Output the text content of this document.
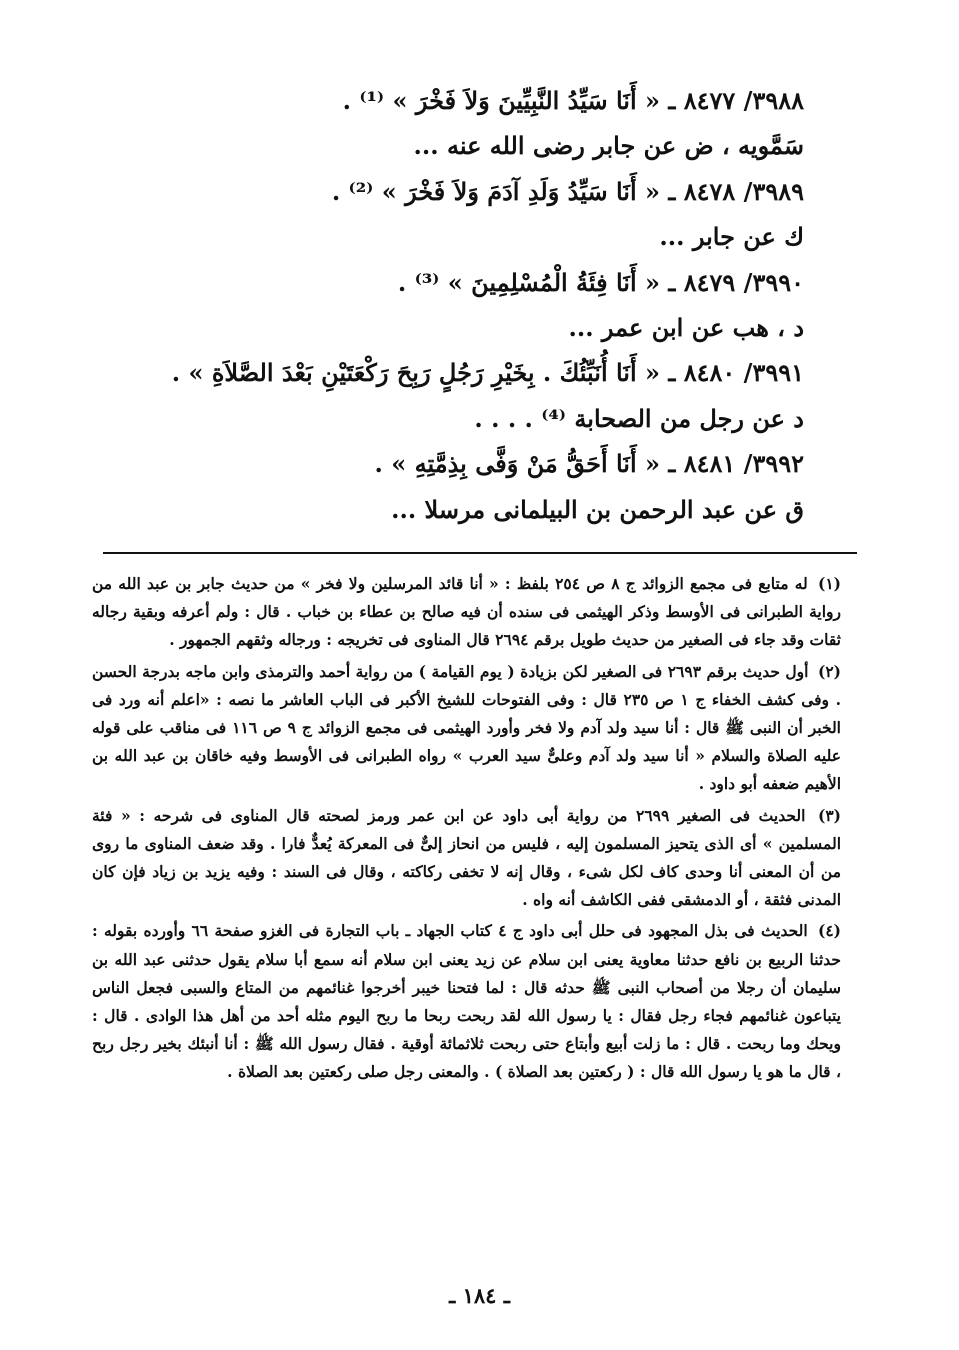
٣٩٨٨/ ٨٤٧٧ ـ « أَنَا سَيِّدُ النَّبِيِّينَ وَلاَ فَخْرَ » ⁽¹⁾ .
سَمَّويه ، ض عن جابر رضى الله عنه ...
٣٩٨٩/ ٨٤٧٨ ـ « أَنَا سَيِّدُ وَلَدِ آدَمَ وَلاَ فَخْرَ » ⁽²⁾ .
ك عن جابر ...
٣٩٩٠/ ٨٤٧٩ ـ « أَنَا فِئَةُ الْمُسْلِمِينَ » ⁽³⁾ .
د ، هب عن ابن عمر ...
٣٩٩١/ ٨٤٨٠ ـ « أَنَا أُنَبِّئُكَ . بِخَيْرِ رَجُلٍ رَبِحَ رَكْعَتَيْنِ بَعْدَ الصَّلاَةِ » .
د عن رجل من الصحابة ⁽⁴⁾ . . . .
٣٩٩٢/ ٨٤٨١ ـ « أَنَا أَحَقُّ مَنْ وَفَّى بِذِمَّتِهِ » .
ق عن عبد الرحمن بن البيلمانى مرسلا ...

(١) له متابع فى مجمع الزوائد ج ٨ ص ٢٥٤ بلفظ : « أنا قائد المرسلين ولا فخر » من حديث جابر بن عبد الله من رواية الطبرانى فى الأوسط وذكر الهيثمى فى سنده أن فيه صالح بن عطاء بن خباب . قال : ولم أعرفه وبقية رجاله ثقات وقد جاء فى الصغير من حديث طويل برقم ٢٦٩٤ قال المناوى فى تخريجه : ورجاله وثقهم الجمهور .

(٢) أول حديث برقم ٢٦٩٣ فى الصغير لكن بزيادة ( يوم القيامة ) من رواية أحمد والترمذى وابن ماجه بدرجة الحسن . وفى كشف الخفاء ج ١ ص ٢٣٥ قال : وفى الفتوحات للشيخ الأكبر فى الباب العاشر ما نصه : «اعلم أنه ورد فى الخبر أن النبى ﷺ قال : أنا سيد ولد آدم ولا فخر وأورد الهيثمى فى مجمع الزوائد ج ٩ ص ١١٦ فى مناقب على قوله عليه الصلاة والسلام « أنا سيد ولد آدم وعلىٌّ سيد العرب » رواه الطبرانى فى الأوسط وفيه خاقان بن عبد الله بن الأهيم ضعفه أبو داود .

(٣) الحديث فى الصغير ٢٦٩٩ من رواية أبى داود عن ابن عمر ورمز لصحته قال المناوى فى شرحه : « فئة المسلمين » أى الذى يتحيز المسلمون إليه ، فليس من انحاز إلىٌّ فى المعركة يُعدٌّ فارا . وقد ضعف المناوى ما روى من أن المعنى أنا وحدى كاف لكل شىء ، وقال إنه لا تخفى ركاكته ، وقال فى السند : وفيه يزيد بن زياد فإن كان المدنى فثقة ، أو الدمشقى ففى الكاشف أنه واه .

(٤) الحديث فى بذل المجهود فى حلل أبى داود ج ٤ كتاب الجهاد ـ باب التجارة فى الغزو صفحة ٦٦ وأورده بقوله : حدثنا الربيع بن نافع حدثنا معاوية يعنى ابن سلام عن زيد يعنى ابن سلام أنه سمع أبا سلام يقول حدثنى عبد الله بن سليمان أن رجلا من أصحاب النبى ﷺ حدثه قال : لما فتحنا خيبر أخرجوا غنائمهم من المتاع والسبى فجعل الناس يتباعون غنائمهم فجاء رجل فقال : يا رسول الله لقد ربحت ربحا ما ربح اليوم مثله أحد من أهل هذا الوادى . قال : ويحك وما ربحت . قال : ما زلت أبيع وأبتاع حتى ربحت ثلاثمائة أوقية . فقال رسول الله ﷺ : أنا أنبئك بخير رجل ربح ، قال ما هو يا رسول الله قال : ( ركعتين بعد الصلاة ) . والمعنى رجل صلى ركعتين بعد الصلاة .

ـ ١٨٤ ـ
